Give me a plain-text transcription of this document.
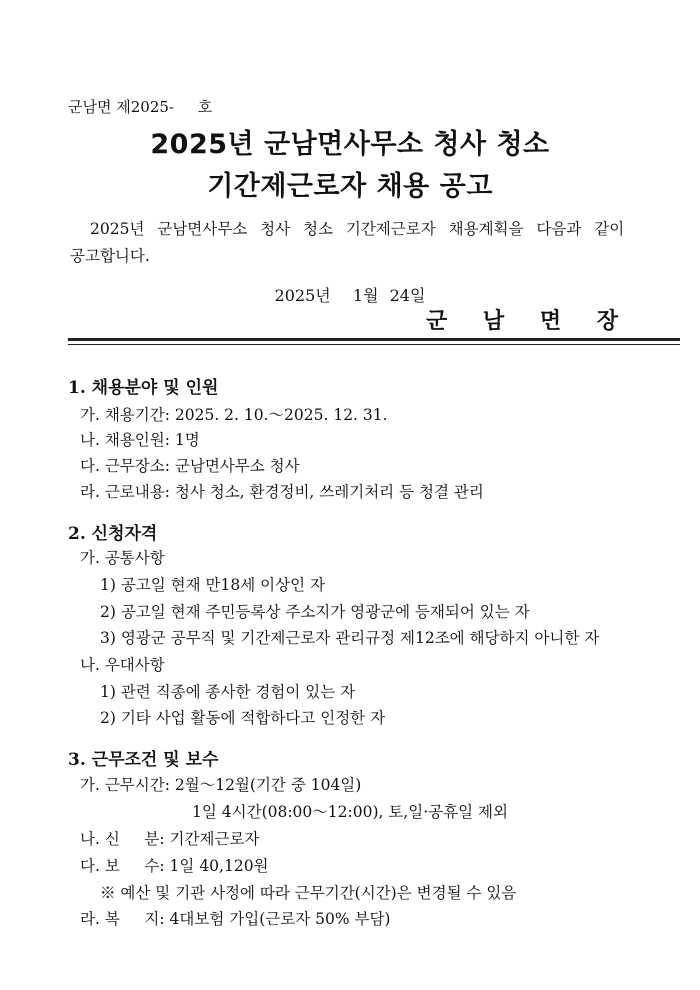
군남면 제2025-     호
2025년 군남면사무소 청사 청소
기간제근로자 채용 공고
2025년 군남면사무소 청사 청소 기간제근로자 채용계획을 다음과 같이
공고합니다.
2025년  1월 24일
군 남 면 장
1. 채용분야 및 인원
가. 채용기간: 2025. 2. 10.～2025. 12. 31.
나. 채용인원: 1명
다. 근무장소: 군남면사무소 청사
라. 근로내용: 청사 청소, 환경정비, 쓰레기처리 등 청결 관리
2. 신청자격
가. 공통사항
1) 공고일 현재 만18세 이상인 자
2) 공고일 현재 주민등록상 주소지가 영광군에 등재되어 있는 자
3) 영광군 공무직 및 기간제근로자 관리규정 제12조에 해당하지 아니한 자
나. 우대사항
1) 관련 직종에 종사한 경험이 있는 자
2) 기타 사업 활동에 적합하다고 인정한 자
3. 근무조건 및 보수
가. 근무시간: 2월～12월(기간 중 104일)
1일 4시간(08:00～12:00), 토,일·공휴일 제외
나. 신     분: 기간제근로자
다. 보     수: 1일 40,120원
※ 예산 및 기관 사정에 따라 근무기간(시간)은 변경될 수 있음
라. 복     지: 4대보험 가입(근로자 50% 부담)
